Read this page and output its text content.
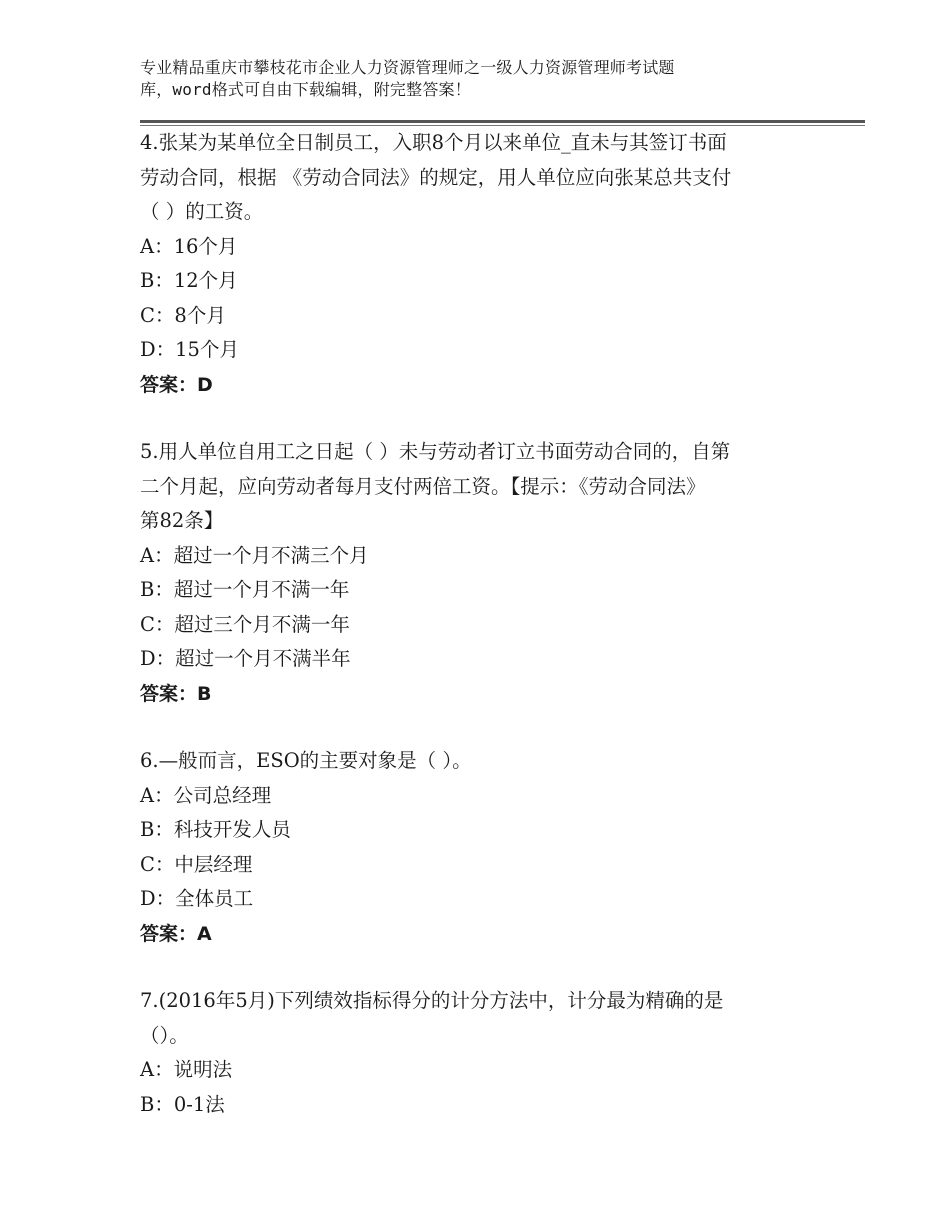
专业精品重庆市攀枝花市企业人力资源管理师之一级人力资源管理师考试题
库，word格式可自由下载编辑，附完整答案！
4.张某为某单位全日制员工，入职8个月以来单位_直未与其签订书面
劳动合同，根据 《劳动合同法》的规定，用人单位应向张某总共支付
（ ）的工资。
A：16个月
B：12个月
C：8个月
D：15个月
答案：D
5.用人单位自用工之日起（ ）未与劳动者订立书面劳动合同的，自第
二个月起，应向劳动者每月支付两倍工资。【提示：《劳动合同法》
第82条】
A：超过一个月不满三个月
B：超过一个月不满一年
C：超过三个月不满一年
D：超过一个月不满半年
答案：B
6.—般而言，ESO的主要对象是（ ）。
A：公司总经理
B：科技开发人员
C：中层经理
D：全体员工
答案：A
7.(2016年5月)下列绩效指标得分的计分方法中，计分最为精确的是
（）。
A：说明法
B：0-1法
